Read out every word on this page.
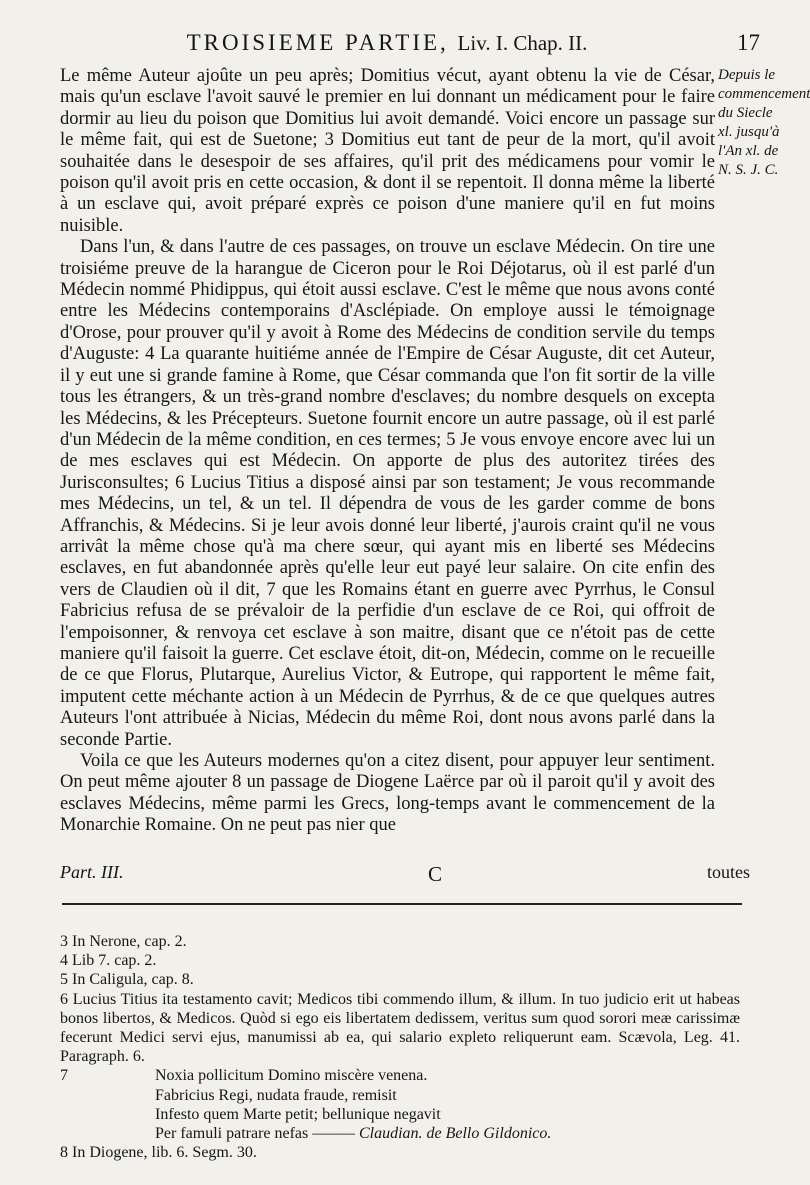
TROISIEME PARTIE, Liv. I. Chap. II.	17

Le même Auteur ajoûte un peu après; Domitius vécut, ayant obtenu la vie de César, mais qu'un esclave l'avoit sauvé le premier en lui donnant un médicament pour le faire dormir au lieu du poison que Domitius lui avoit demandé. Voici encore un passage sur le même fait, qui est de Suetone; 3 Domitius eut tant de peur de la mort, qu'il avoit souhaitée dans le desespoir de ses affaires, qu'il prit des médicamens pour vomir le poison qu'il avoit pris en cette occasion, & dont il se repentoit. Il donna même la liberté à un esclave qui, avoit préparé exprès ce poison d'une maniere qu'il en fut moins nuisible.

Dans l'un, & dans l'autre de ces passages, on trouve un esclave Médecin. On tire une troisiéme preuve de la harangue de Ciceron pour le Roi Déjotarus, où il est parlé d'un Médecin nommé Phidippus, qui étoit aussi esclave. C'est le même que nous avons conté entre les Médecins contemporains d'Asclépiade. On employe aussi le témoignage d'Orose, pour prouver qu'il y avoit à Rome des Médecins de condition servile du temps d'Auguste: 4 La quarante huitiéme année de l'Empire de César Auguste, dit cet Auteur, il y eut une si grande famine à Rome, que César commanda que l'on fit sortir de la ville tous les étrangers, & un très-grand nombre d'esclaves; du nombre desquels on excepta les Médecins, & les Précepteurs. Suetone fournit encore un autre passage, où il est parlé d'un Médecin de la même condition, en ces termes; 5 Je vous envoye encore avec lui un de mes esclaves qui est Médecin. On apporte de plus des autoritez tirées des Jurisconsultes; 6 Lucius Titius a disposé ainsi par son testament; Je vous recommande mes Médecins, un tel, & un tel. Il dépendra de vous de les garder comme de bons Affranchis, & Médecins. Si je leur avois donné leur liberté, j'aurois craint qu'il ne vous arrivât la même chose qu'à ma chere sœur, qui ayant mis en liberté ses Médecins esclaves, en fut abandonnée après qu'elle leur eut payé leur salaire. On cite enfin des vers de Claudien où il dit, 7 que les Romains étant en guerre avec Pyrrhus, le Consul Fabricius refusa de se prévaloir de la perfidie d'un esclave de ce Roi, qui offroit de l'empoisonner, & renvoya cet esclave à son maitre, disant que ce n'étoit pas de cette maniere qu'il faisoit la guerre. Cet esclave étoit, dit-on, Médecin, comme on le recueille de ce que Florus, Plutarque, Aurelius Victor, & Eutrope, qui rapportent le même fait, imputent cette méchante action à un Médecin de Pyrrhus, & de ce que quelques autres Auteurs l'ont attribuée à Nicias, Médecin du même Roi, dont nous avons parlé dans la seconde Partie.

Voila ce que les Auteurs modernes qu'on a citez disent, pour appuyer leur sentiment. On peut même ajouter 8 un passage de Diogene Laërce par où il paroit qu'il y avoit des esclaves Médecins, même parmi les Grecs, long-temps avant le commencement de la Monarchie Romaine. On ne peut pas nier que

Depuis le commencement du Siecle xl. jusqu'à l'An xl. de N. S. J. C.
Part. III.	C	toutes

3 In Nerone, cap. 2.

4 Lib 7. cap. 2.

5 In Caligula, cap. 8.

6 Lucius Titius ita testamento cavit; Medicos tibi commendo illum, & illum. In tuo judicio erit ut habeas bonos libertos, & Medicos. Quòd si ego eis libertatem dedissem, veritus sum quod sorori meæ carissimæ fecerunt Medici servi ejus, manumissi ab ea, qui salario expleto reliquerunt eam. Scævola, Leg. 41. Paragraph. 6.

7	Noxia pollicitum Domino miscère venena.
Fabricius Regi, nudata fraude, remisit
Infesto quem Marte petit; bellunique negavit
Per famuli patrare nefas ——— Claudian. de Bello Gildonico.

8 In Diogene, lib. 6. Segm. 30.
